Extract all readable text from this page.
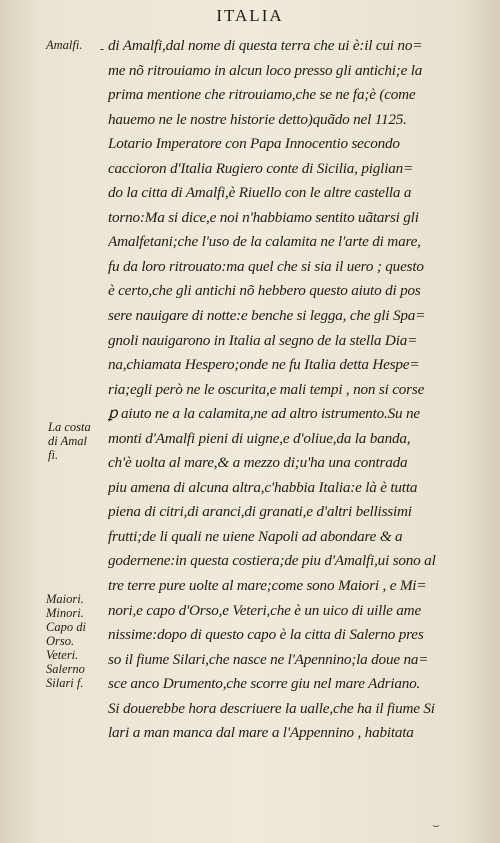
ITALIA
Amalfi. -
La costa
di Amal
fi.
Maiori.
Minori.
Capo di
Orso.
Veteri.
Salerno
Silari f.
di Amalfi,dal nome di questa terra che ui è:il cui no=
me nõ ritrouiamo in alcun loco presso gli antichi;e la
prima mentione che ritrouiamo,che se ne fa;è (come
hauemo ne le nostre historie detto)quãdo nel 1125.
Lotario Imperatore con Papa Innocentio secondo
caccioron d'Italia Rugiero conte di Sicilia, piglian=
do la citta di Amalfi,è Riuello con le altre castella a
torno:Ma si dice,e noi n'habbiamo sentito uãtarsi gli
Amalfetani;che l'uso de la calamita ne l'arte di mare,
fu da loro ritrouato:ma quel che si sia il uero ; questo
è certo,che gli antichi nõ hebbero questo aiuto di pos
sere nauigare di notte:e benche si legga, che gli Spa=
gnoli nauigarono in Italia al segno de la stella Dia=
na,chiamata Hespero;onde ne fu Italia detta Hespe=
ria;egli però ne le oscurita,e mali tempi , non si corse
ꝑ aiuto ne a la calamita,ne ad altro istrumento.Su ne
monti d'Amalfi pieni di uigne,e d'oliue,da la banda,
ch'è uolta al mare,& a mezzo di;u'ha una contrada
piu amena di alcuna altra,c'habbia Italia:e là è tutta
piena di citri,di aranci,di granati,e d'altri bellissimi
frutti;de li quali ne uiene Napoli ad abondare & a
godernene:in questa costiera;de piu d'Amalfi,ui sono al
tre terre pure uolte al mare;come sono Maiori , e Mi=
nori,e capo d'Orso,e Veteri,che è un uico di uille ame
nissime:dopo di questo capo è la citta di Salerno pres
so il fiume Silari,che nasce ne l'Apennino;la doue na=
sce anco Drumento,che scorre giu nel mare Adriano.
Si douerebbe hora descriuere la ualle,che ha il fiume Si
lari a man manca dal mare a l'Appennino , habitata
⌣
